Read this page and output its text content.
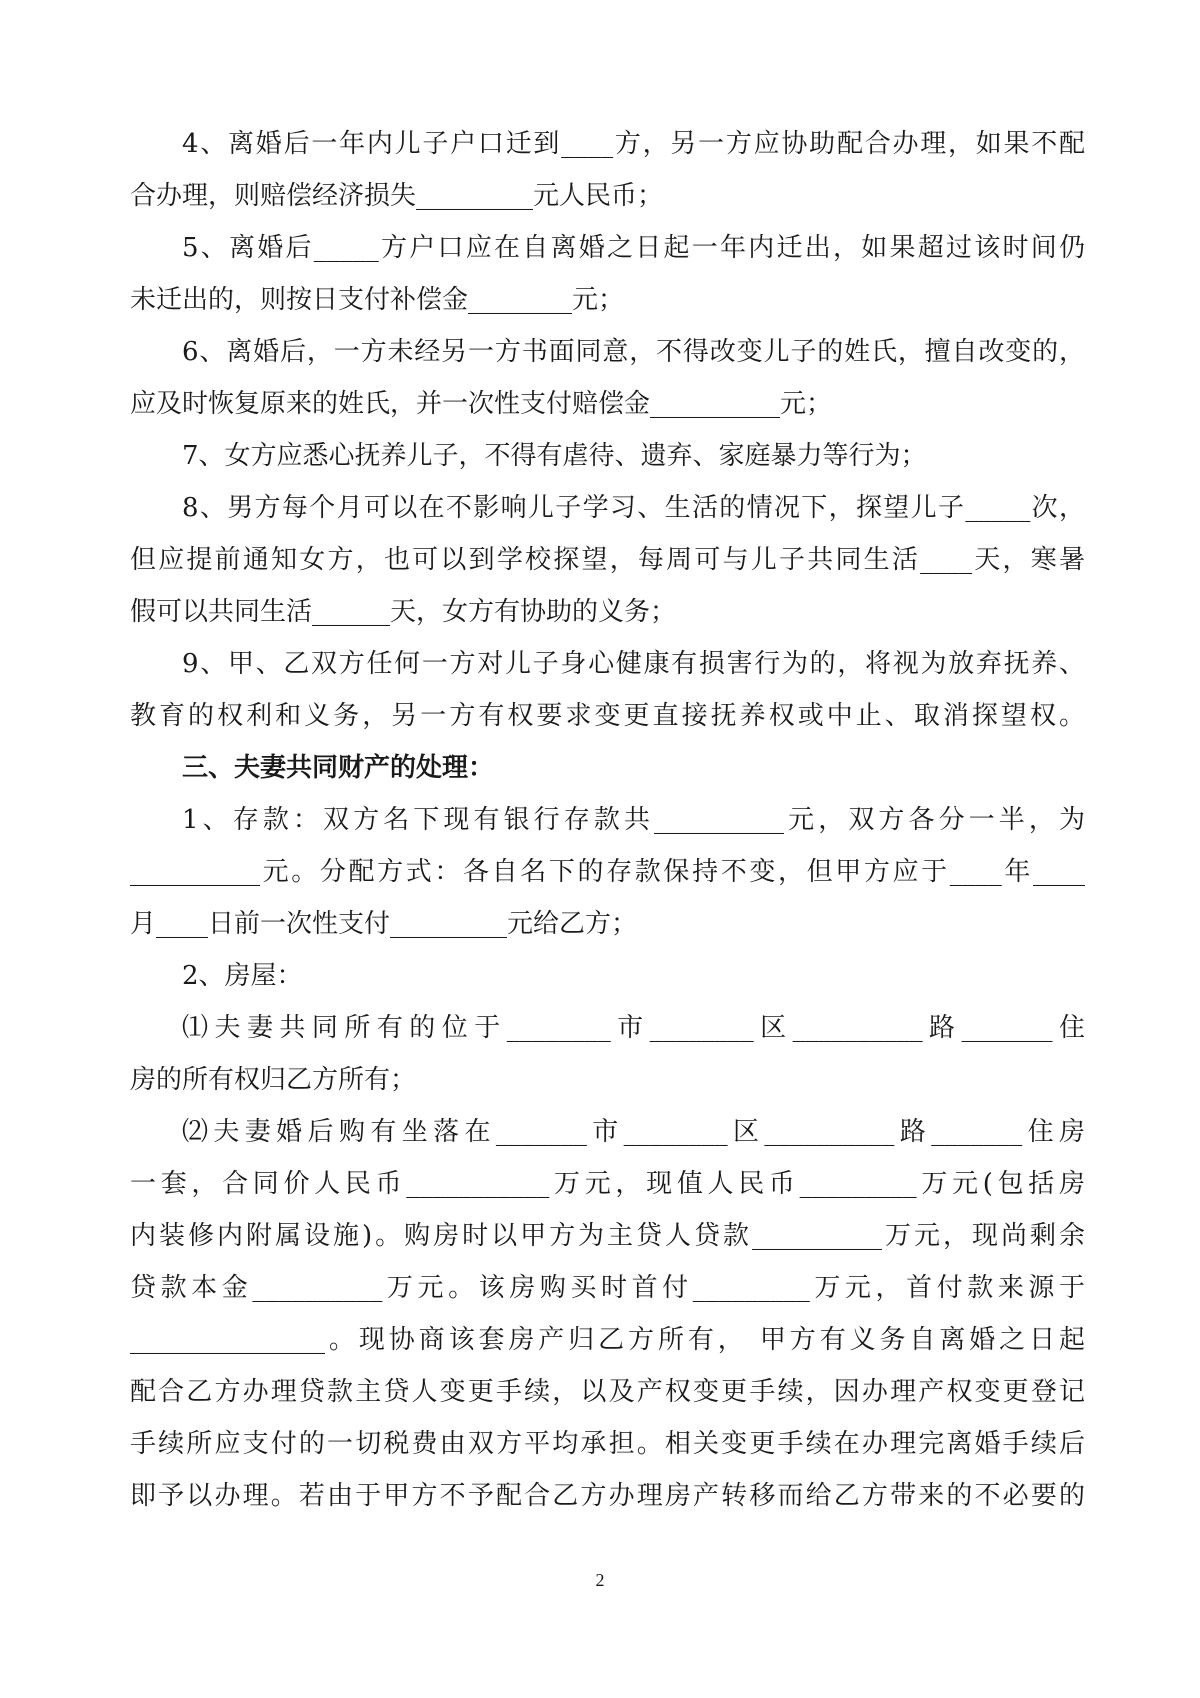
4、离婚后一年内儿子户口迁到____方，另一方应协助配合办理，如果不配
合办理，则赔偿经济损失_________元人民币；
5、离婚后_____方户口应在自离婚之日起一年内迁出，如果超过该时间仍
未迁出的，则按日支付补偿金________元；
6、离婚后，一方未经另一方书面同意，不得改变儿子的姓氏，擅自改变的，
应及时恢复原来的姓氏，并一次性支付赔偿金__________元；
7、女方应悉心抚养儿子，不得有虐待、遗弃、家庭暴力等行为；
8、男方每个月可以在不影响儿子学习、生活的情况下，探望儿子_____次，
但应提前通知女方，也可以到学校探望，每周可与儿子共同生活____天，寒暑
假可以共同生活______天，女方有协助的义务；
9、甲、乙双方任何一方对儿子身心健康有损害行为的，将视为放弃抚养、
教育的权利和义务，另一方有权要求变更直接抚养权或中止、取消探望权。
三、夫妻共同财产的处理：
1、存款：双方名下现有银行存款共__________元，双方各分一半，为
__________元。分配方式：各自名下的存款保持不变，但甲方应于____年____
月____日前一次性支付_________元给乙方；
2、房屋：
⑴夫妻共同所有的位于________市________区__________路_______住
房的所有权归乙方所有；
⑵夫妻婚后购有坐落在_______市________区__________路_______住房
一套，合同价人民币___________万元，现值人民币_________万元(包括房
内装修内附属设施)。购房时以甲方为主贷人贷款__________万元，现尚剩余
贷款本金__________万元。该房购买时首付_________万元，首付款来源于
_______________。现协商该套房产归乙方所有， 甲方有义务自离婚之日起
配合乙方办理贷款主贷人变更手续，以及产权变更手续，因办理产权变更登记
手续所应支付的一切税费由双方平均承担。相关变更手续在办理完离婚手续后
即予以办理。若由于甲方不予配合乙方办理房产转移而给乙方带来的不必要的
2
